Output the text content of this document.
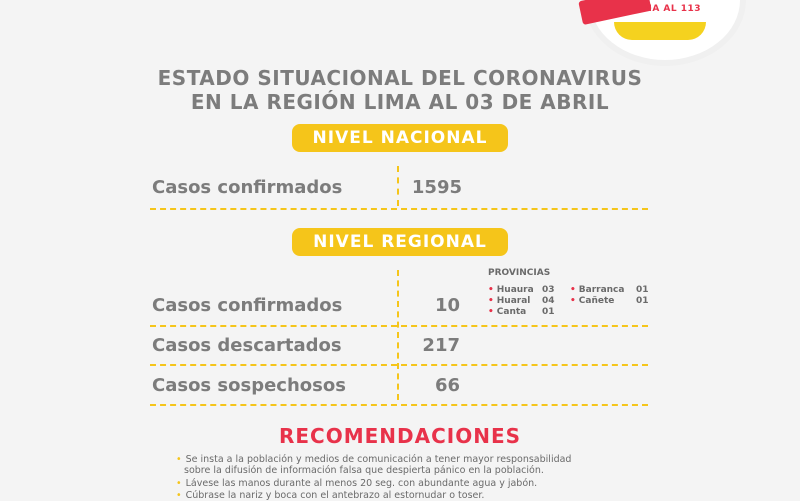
LLAMA AL 113
ESTADO SITUACIONAL DEL CORONAVIRUS
EN LA REGIÓN LIMA AL 03 DE ABRIL
NIVEL NACIONAL
Casos confirmados	1595
NIVEL REGIONAL
Casos confirmados	10
Casos descartados	217
Casos sospechosos	66
PROVINCIAS
• Huaura 03
• Huaral 04
• Canta 01
• Barranca 01
• Cañete 01
RECOMENDACIONES
• Se insta a la población y medios de comunicación a tener mayor responsabilidad
sobre la difusión de información falsa que despierta pánico en la población.
• Lávese las manos durante al menos 20 seg. con abundante agua y jabón.
• Cúbrase la nariz y boca con el antebrazo al estornudar o toser.
